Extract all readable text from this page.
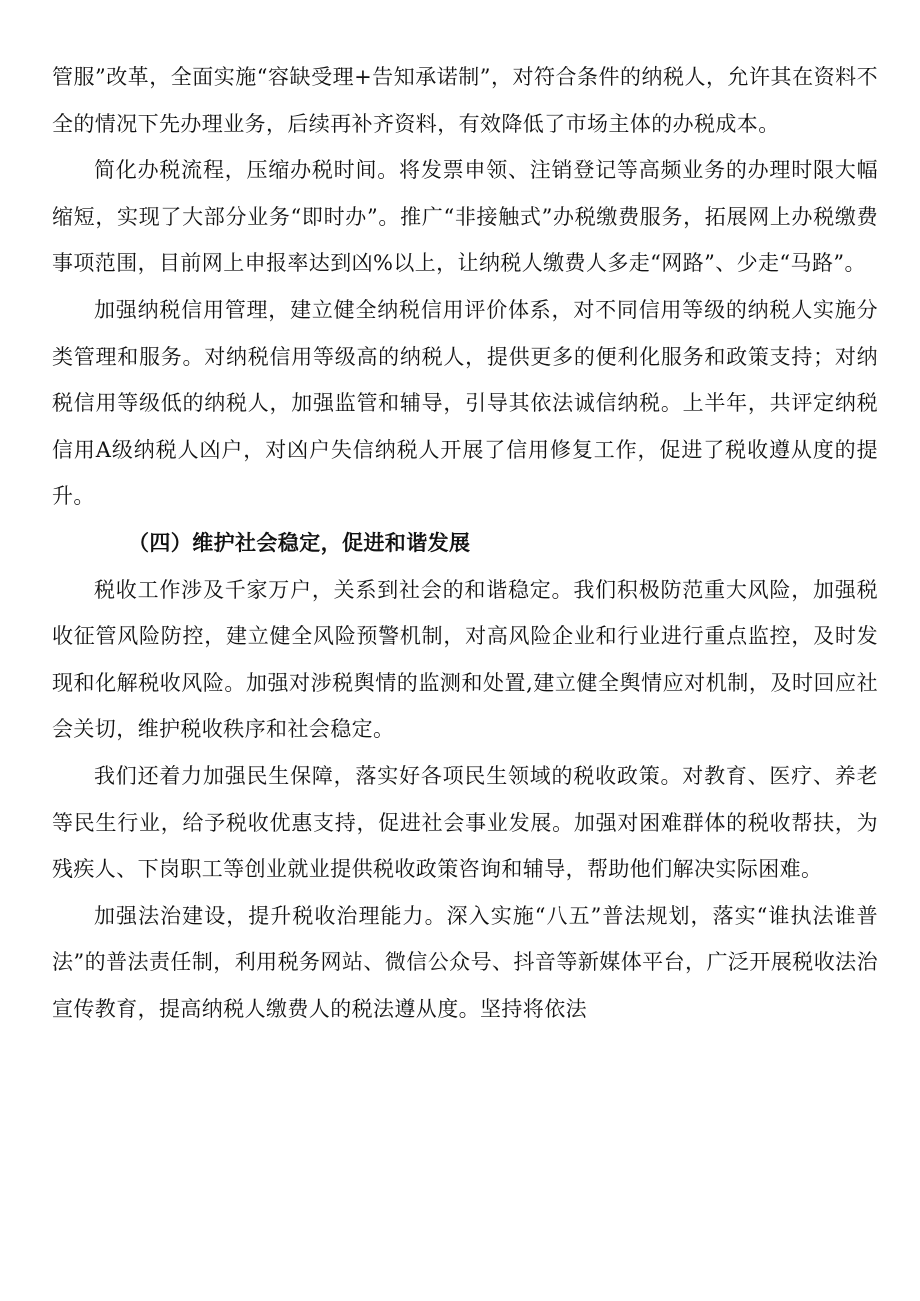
管服”改革，全面实施“容缺受理+告知承诺制”，对符合条件的纳税人，允许其在资料不全的情况下先办理业务，后续再补齐资料，有效降低了市场主体的办税成本。

简化办税流程，压缩办税时间。将发票申领、注销登记等高频业务的办理时限大幅缩短，实现了大部分业务“即时办”。推广“非接触式”办税缴费服务，拓展网上办税缴费事项范围，目前网上申报率达到凶%以上，让纳税人缴费人多走“网路”、少走“马路”。

加强纳税信用管理，建立健全纳税信用评价体系，对不同信用等级的纳税人实施分类管理和服务。对纳税信用等级高的纳税人，提供更多的便利化服务和政策支持；对纳税信用等级低的纳税人，加强监管和辅导，引导其依法诚信纳税。上半年，共评定纳税信用A级纳税人凶户，对凶户失信纳税人开展了信用修复工作，促进了税收遵从度的提升。

（四）维护社会稳定，促进和谐发展

税收工作涉及千家万户，关系到社会的和谐稳定。我们积极防范重大风险，加强税收征管风险防控，建立健全风险预警机制，对高风险企业和行业进行重点监控，及时发现和化解税收风险。加强对涉税舆情的监测和处置,建立健全舆情应对机制，及时回应社会关切，维护税收秩序和社会稳定。

我们还着力加强民生保障，落实好各项民生领域的税收政策。对教育、医疗、养老等民生行业，给予税收优惠支持，促进社会事业发展。加强对困难群体的税收帮扶，为残疾人、下岗职工等创业就业提供税收政策咨询和辅导，帮助他们解决实际困难。

加强法治建设，提升税收治理能力。深入实施“八五”普法规划，落实“谁执法谁普法”的普法责任制，利用税务网站、微信公众号、抖音等新媒体平台，广泛开展税收法治宣传教育，提高纳税人缴费人的税法遵从度。坚持将依法
